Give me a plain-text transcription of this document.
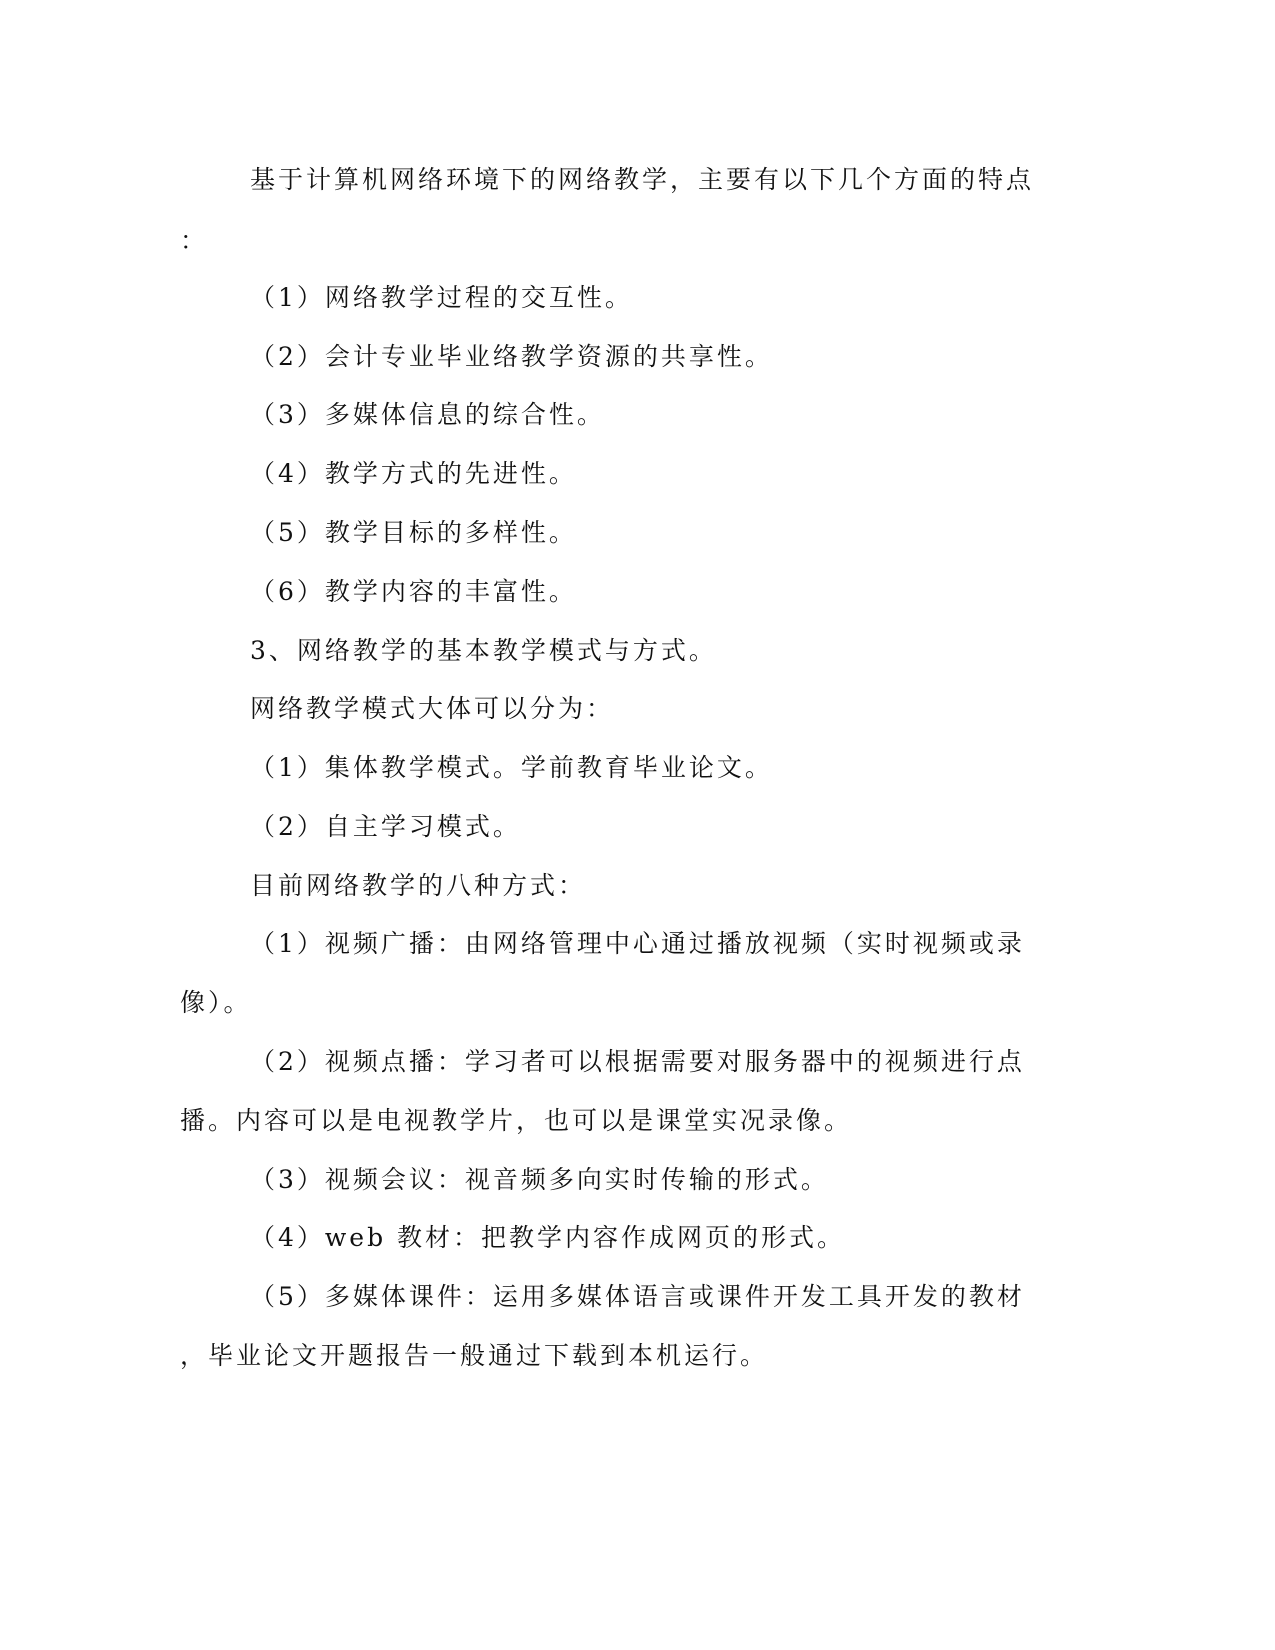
基于计算机网络环境下的网络教学，主要有以下几个方面的特点
：
（1）网络教学过程的交互性。
（2）会计专业毕业络教学资源的共享性。
（3）多媒体信息的综合性。
（4）教学方式的先进性。
（5）教学目标的多样性。
（6）教学内容的丰富性。
3、网络教学的基本教学模式与方式。
网络教学模式大体可以分为：
（1）集体教学模式。学前教育毕业论文。
（2）自主学习模式。
目前网络教学的八种方式：
（1）视频广播：由网络管理中心通过播放视频（实时视频或录
像）。
（2）视频点播：学习者可以根据需要对服务器中的视频进行点
播。内容可以是电视教学片，也可以是课堂实况录像。
（3）视频会议：视音频多向实时传输的形式。
（4）web 教材：把教学内容作成网页的形式。
（5）多媒体课件：运用多媒体语言或课件开发工具开发的教材
，毕业论文开题报告一般通过下载到本机运行。
